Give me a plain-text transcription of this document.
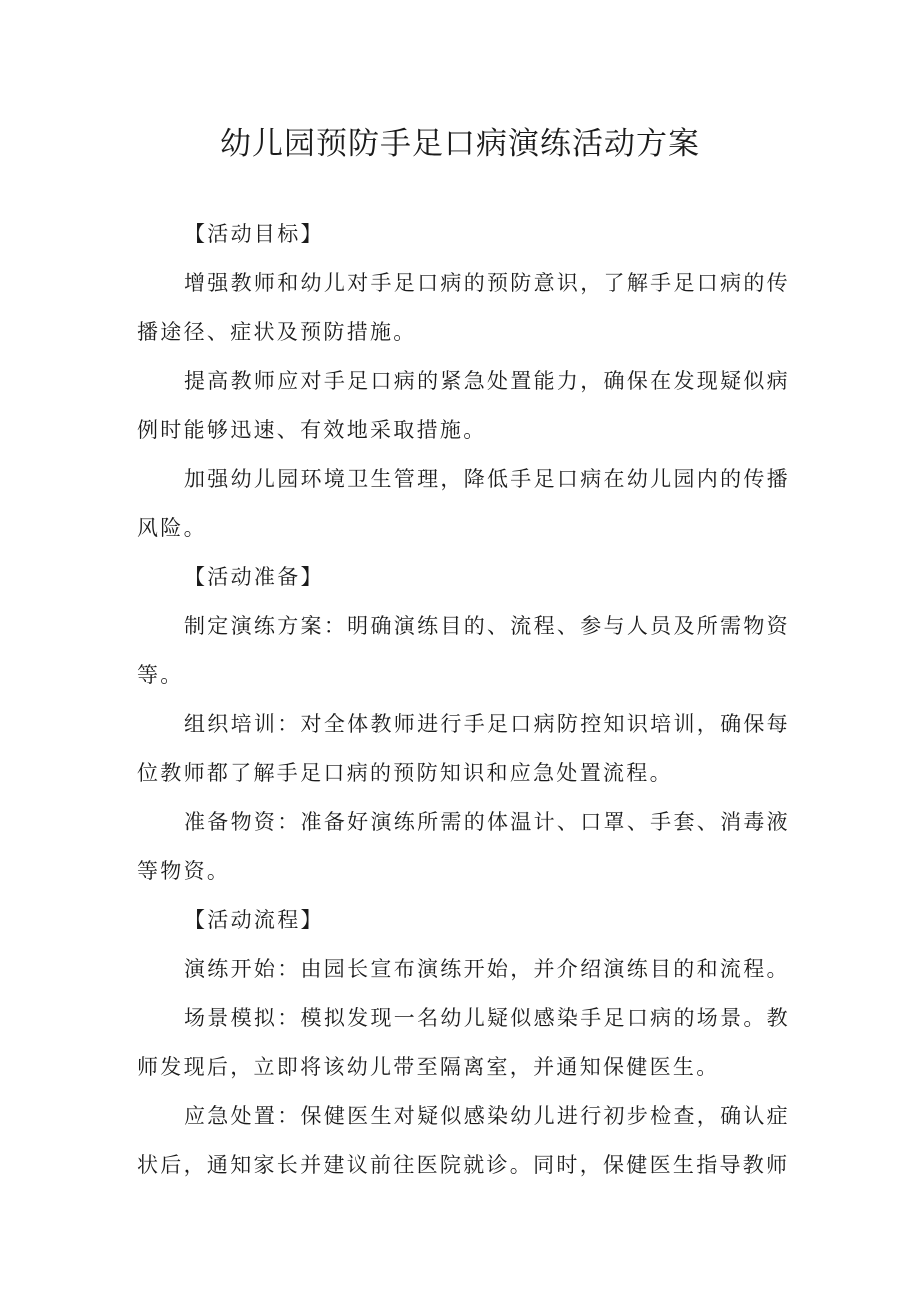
幼儿园预防手足口病演练活动方案

【活动目标】

增强教师和幼儿对手足口病的预防意识，了解手足口病的传播途径、症状及预防措施。

提高教师应对手足口病的紧急处置能力，确保在发现疑似病例时能够迅速、有效地采取措施。

加强幼儿园环境卫生管理，降低手足口病在幼儿园内的传播风险。

【活动准备】

制定演练方案：明确演练目的、流程、参与人员及所需物资等。

组织培训：对全体教师进行手足口病防控知识培训，确保每位教师都了解手足口病的预防知识和应急处置流程。

准备物资：准备好演练所需的体温计、口罩、手套、消毒液等物资。

【活动流程】

演练开始：由园长宣布演练开始，并介绍演练目的和流程。

场景模拟：模拟发现一名幼儿疑似感染手足口病的场景。教师发现后，立即将该幼儿带至隔离室，并通知保健医生。

应急处置：保健医生对疑似感染幼儿进行初步检查，确认症状后，通知家长并建议前往医院就诊。同时，保健医生指导教师
